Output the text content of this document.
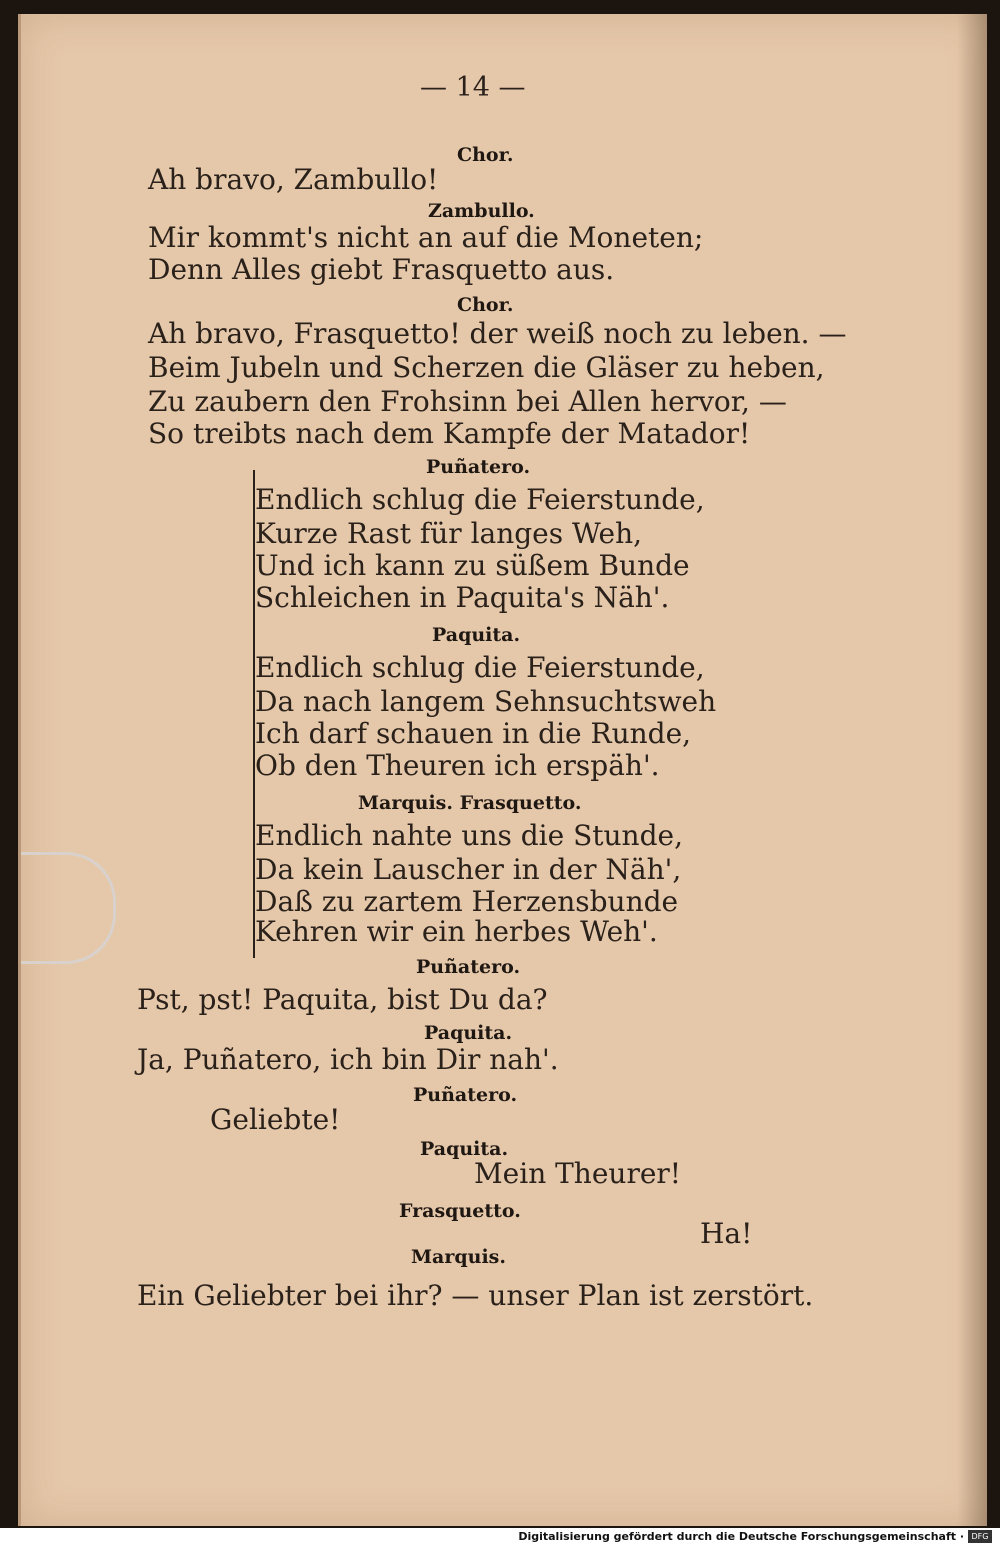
— 14 —
Chor.
Ah bravo, Zambullo!
Zambullo.
Mir kommt's nicht an auf die Moneten;
Denn Alles giebt Frasquetto aus.
Chor.
Ah bravo, Frasquetto! der weiß noch zu leben. —
Beim Jubeln und Scherzen die Gläser zu heben,
Zu zaubern den Frohsinn bei Allen hervor, —
So treibts nach dem Kampfe der Matador!
Puñatero.
Endlich schlug die Feierstunde,
Kurze Rast für langes Weh,
Und ich kann zu süßem Bunde
Schleichen in Paquita's Näh'.
Paquita.
Endlich schlug die Feierstunde,
Da nach langem Sehnsuchtsweh
Ich darf schauen in die Runde,
Ob den Theuren ich erspäh'.
Marquis. Frasquetto.
Endlich nahte uns die Stunde,
Da kein Lauscher in der Näh',
Daß zu zartem Herzensbunde
Kehren wir ein herbes Weh'.
Puñatero.
Pst, pst! Paquita, bist Du da?
Paquita.
Ja, Puñatero, ich bin Dir nah'.
Puñatero.
Geliebte!
Paquita.
Mein Theurer!
Frasquetto.
Ha!
Marquis.
Ein Geliebter bei ihr? — unser Plan ist zerstört.
Digitalisierung gefördert durch die Deutsche Forschungsgemeinschaft · DFG
